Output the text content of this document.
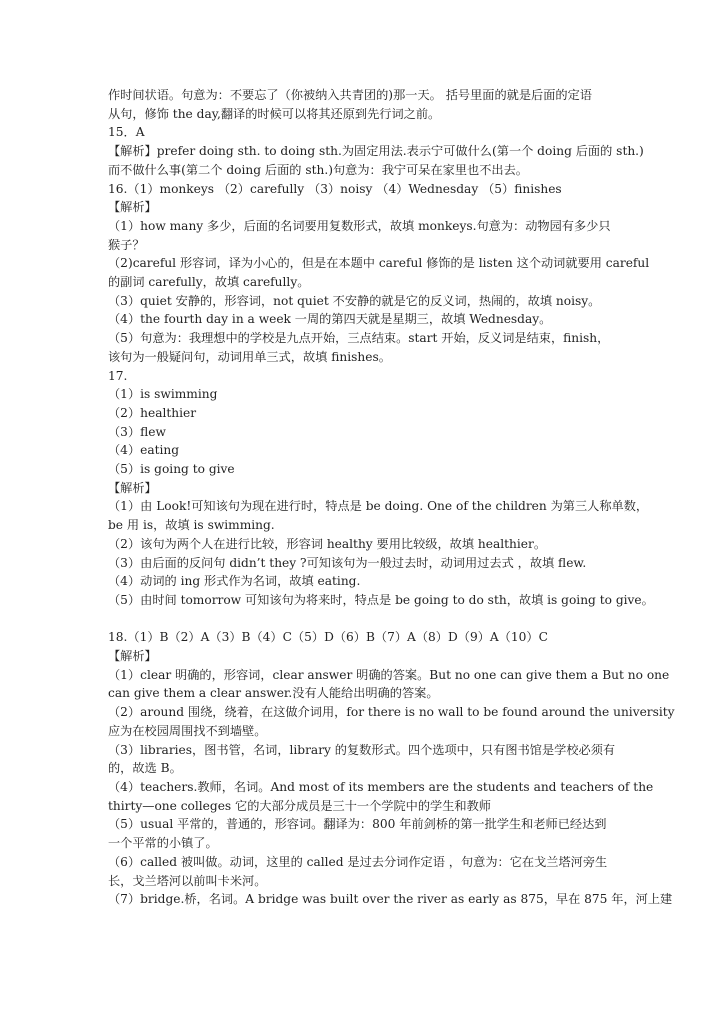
作时间状语。句意为：不要忘了（你被纳入共青团的)那一天。 括号里面的就是后面的定语
从句，修饰 the day,翻译的时候可以将其还原到先行词之前。
15．A
【解析】prefer doing sth. to doing sth.为固定用法.表示宁可做什么(第一个 doing 后面的 sth.)
而不做什么事(第二个 doing 后面的 sth.)句意为：我宁可呆在家里也不出去。
16.（1）monkeys （2）carefully （3）noisy （4）Wednesday （5）finishes
【解析】
（1）how many 多少，后面的名词要用复数形式，故填 monkeys.句意为：动物园有多少只
猴子？
（2)careful 形容词，译为小心的，但是在本题中 careful 修饰的是 listen 这个动词就要用 careful
的副词 carefully，故填 carefully。
（3）quiet 安静的，形容词，not quiet 不安静的就是它的反义词，热闹的，故填 noisy。
（4）the fourth day in a week 一周的第四天就是星期三，故填 Wednesday。
（5）句意为：我理想中的学校是九点开始，三点结束。start 开始，反义词是结束，finish，
该句为一般疑问句，动词用单三式，故填 finishes。
17.
（1）is swimming
（2）healthier
（3）flew
（4）eating
（5）is going to give
【解析】
（1）由 Look!可知该句为现在进行时，特点是 be doing. One of the children 为第三人称单数，
be 用 is，故填 is swimming.
（2）该句为两个人在进行比较，形容词 healthy 要用比较级，故填 healthier。
（3）由后面的反问句 didn’t they ?可知该句为一般过去时，动词用过去式 ，故填 flew.
（4）动词的 ing 形式作为名词，故填 eating.
（5）由时间 tomorrow 可知该句为将来时，特点是 be going to do sth，故填 is going to give。
18.（1）B（2）A（3）B（4）C（5）D（6）B（7）A（8）D（9）A（10）C
【解析】
（1）clear 明确的，形容词，clear answer 明确的答案。But no one can give them a But no one
can give them a clear answer.没有人能给出明确的答案。
（2）around 围绕，绕着，在这做介词用，for there is no wall to be found around the university
应为在校园周围找不到墙壁。
（3）libraries，图书管，名词，library 的复数形式。四个选项中，只有图书馆是学校必须有
的，故选 B。
（4）teachers.教师，名词。And most of its members are the students and teachers of the
thirty—one colleges 它的大部分成员是三十一个学院中的学生和教师
（5）usual 平常的，普通的，形容词。翻译为：800 年前剑桥的第一批学生和老师已经达到
一个平常的小镇了。
（6）called 被叫做。动词，这里的 called 是过去分词作定语 ，句意为：它在戈兰塔河旁生
长，戈兰塔河以前叫卡米河。
（7）bridge.桥，名词。A bridge was built over the river as early as 875，早在 875 年，河上建
